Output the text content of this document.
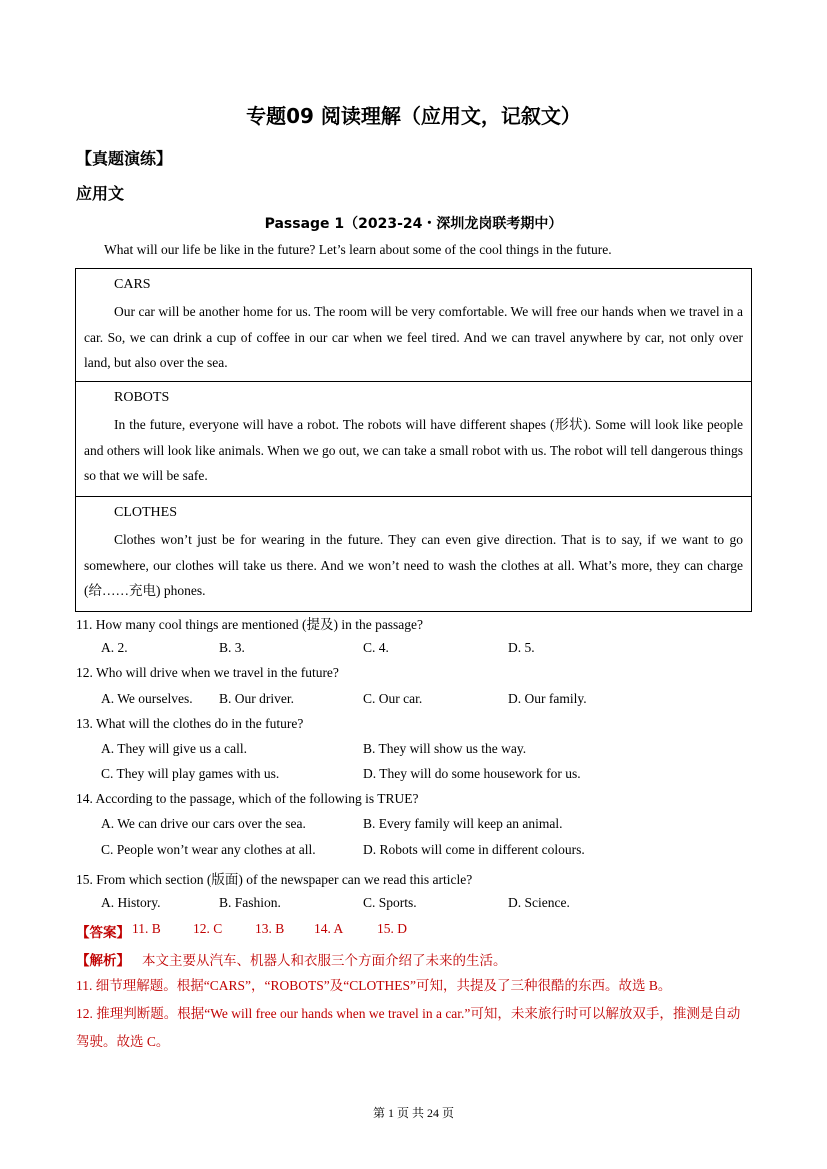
专题09 阅读理解（应用文，记叙文）
【真题演练】
应用文
Passage 1（2023-24・深圳龙岗联考期中）
What will our life be like in the future? Let’s learn about some of the cool things in the future.
CARS

Our car will be another home for us. The room will be very comfortable. We will free our hands when we travel in a car. So, we can drink a cup of coffee in our car when we feel tired. And we can travel anywhere by car, not only over land, but also over the sea.

ROBOTS

In the future, everyone will have a robot. The robots will have different shapes (形状). Some will look like people and others will look like animals. When we go out, we can take a small robot with us. The robot will tell dangerous things so that we will be safe.

CLOTHES

Clothes won’t just be for wearing in the future. They can even give direction. That is to say, if we want to go somewhere, our clothes will take us there. And we won’t need to wash the clothes at all. What’s more, they can charge (给……充电) phones.

11. How many cool things are mentioned (提及) in the passage?
A. 2.	B. 3.	C. 4.	D. 5.
12. Who will drive when we travel in the future?
A. We ourselves. B. Our driver.	C. Our car.	D. Our family.
13. What will the clothes do in the future?
A. They will give us a call.	B. They will show us the way.
C. They will play games with us.	D. They will do some housework for us.
14. According to the passage, which of the following is TRUE?
A. We can drive our cars over the sea.	B. Every family will keep an animal.
C. People won’t wear any clothes at all.	D. Robots will come in different colours.
15. From which section (版面) of the newspaper can we read this article?
A. History.	B. Fashion.	C. Sports.	D. Science.
【答案】 11. B 12. C 13. B 14. A 15. D
【解析】 本文主要从汽车、机器人和衣服三个方面介绍了未来的生活。

11. 细节理解题。根据“CARS”，“ROBOTS”及“CLOTHES”可知，共提及了三种很酷的东西。故选 B。

12. 推理判断题。根据“We will free our hands when we travel in a car.”可知，未来旅行时可以解放双手，推测是自动驾驶。故选 C。

第 1 页 共 24 页
